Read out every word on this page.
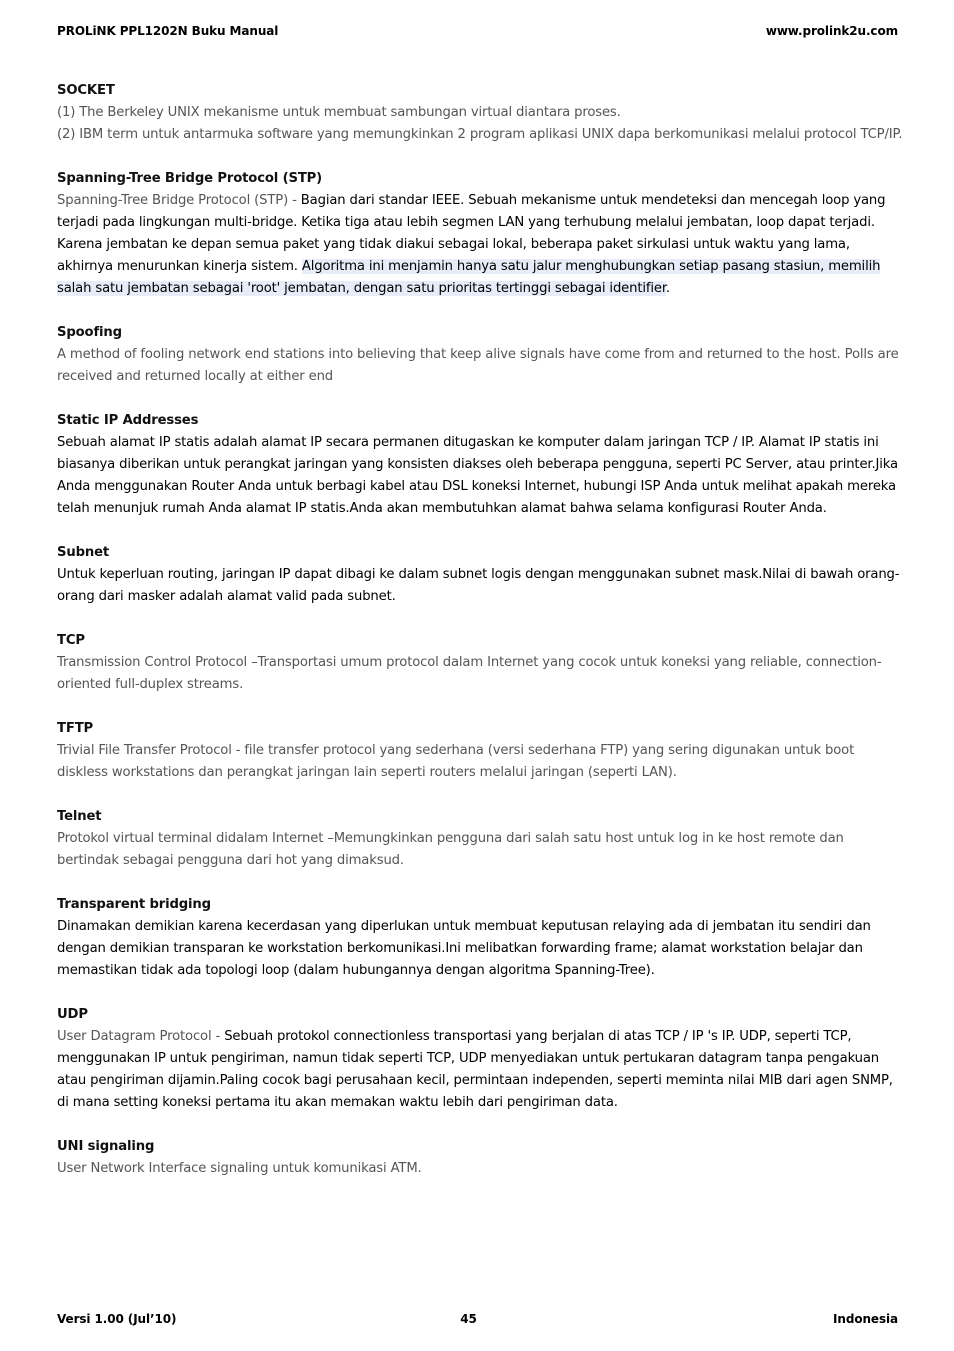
PROLiNK PPL1202N Buku Manual	www.prolink2u.com
SOCKET
(1) The Berkeley UNIX mekanisme untuk membuat sambungan virtual diantara proses.
(2) IBM term untuk antarmuka software yang memungkinkan 2 program aplikasi UNIX dapa berkomunikasi melalui protocol TCP/IP.
Spanning-Tree Bridge Protocol (STP)
Spanning-Tree Bridge Protocol (STP) - Bagian dari standar IEEE. Sebuah mekanisme untuk mendeteksi dan mencegah loop yang terjadi pada lingkungan multi-bridge. Ketika tiga atau lebih segmen LAN yang terhubung melalui jembatan, loop dapat terjadi. Karena jembatan ke depan semua paket yang tidak diakui sebagai lokal, beberapa paket sirkulasi untuk waktu yang lama, akhirnya menurunkan kinerja sistem. Algoritma ini menjamin hanya satu jalur menghubungkan setiap pasang stasiun, memilih salah satu jembatan sebagai 'root' jembatan, dengan satu prioritas tertinggi sebagai identifier.
Spoofing
A method of fooling network end stations into believing that keep alive signals have come from and returned to the host. Polls are received and returned locally at either end
Static IP Addresses
Sebuah alamat IP statis adalah alamat IP secara permanen ditugaskan ke komputer dalam jaringan TCP / IP. Alamat IP statis ini biasanya diberikan untuk perangkat jaringan yang konsisten diakses oleh beberapa pengguna, seperti PC Server, atau printer.Jika Anda menggunakan Router Anda untuk berbagi kabel atau DSL koneksi Internet, hubungi ISP Anda untuk melihat apakah mereka telah menunjuk rumah Anda alamat IP statis.Anda akan membutuhkan alamat bahwa selama konfigurasi Router Anda.
Subnet
Untuk keperluan routing, jaringan IP dapat dibagi ke dalam subnet logis dengan menggunakan subnet mask.Nilai di bawah orang-orang dari masker adalah alamat valid pada subnet.
TCP
Transmission Control Protocol –Transportasi umum protocol dalam Internet yang cocok untuk koneksi yang reliable, connection-oriented full-duplex streams.
TFTP
Trivial File Transfer Protocol - file transfer protocol yang sederhana (versi sederhana FTP) yang sering digunakan untuk boot diskless workstations dan perangkat jaringan lain seperti routers melalui jaringan (seperti LAN).
Telnet
Protokol virtual terminal didalam Internet –Memungkinkan pengguna dari salah satu host untuk log in ke host remote dan bertindak sebagai pengguna dari hot yang dimaksud.
Transparent bridging
Dinamakan demikian karena kecerdasan yang diperlukan untuk membuat keputusan relaying ada di jembatan itu sendiri dan dengan demikian transparan ke workstation berkomunikasi.Ini melibatkan forwarding frame; alamat workstation belajar dan memastikan tidak ada topologi loop (dalam hubungannya dengan algoritma Spanning-Tree).
UDP
User Datagram Protocol - Sebuah protokol connectionless transportasi yang berjalan di atas TCP / IP 's IP. UDP, seperti TCP, menggunakan IP untuk pengiriman, namun tidak seperti TCP, UDP menyediakan untuk pertukaran datagram tanpa pengakuan atau pengiriman dijamin.Paling cocok bagi perusahaan kecil, permintaan independen, seperti meminta nilai MIB dari agen SNMP, di mana setting koneksi pertama itu akan memakan waktu lebih dari pengiriman data.
UNI signaling
User Network Interface signaling untuk komunikasi ATM.
Versi 1.00 (Jul’10)	45	Indonesia
